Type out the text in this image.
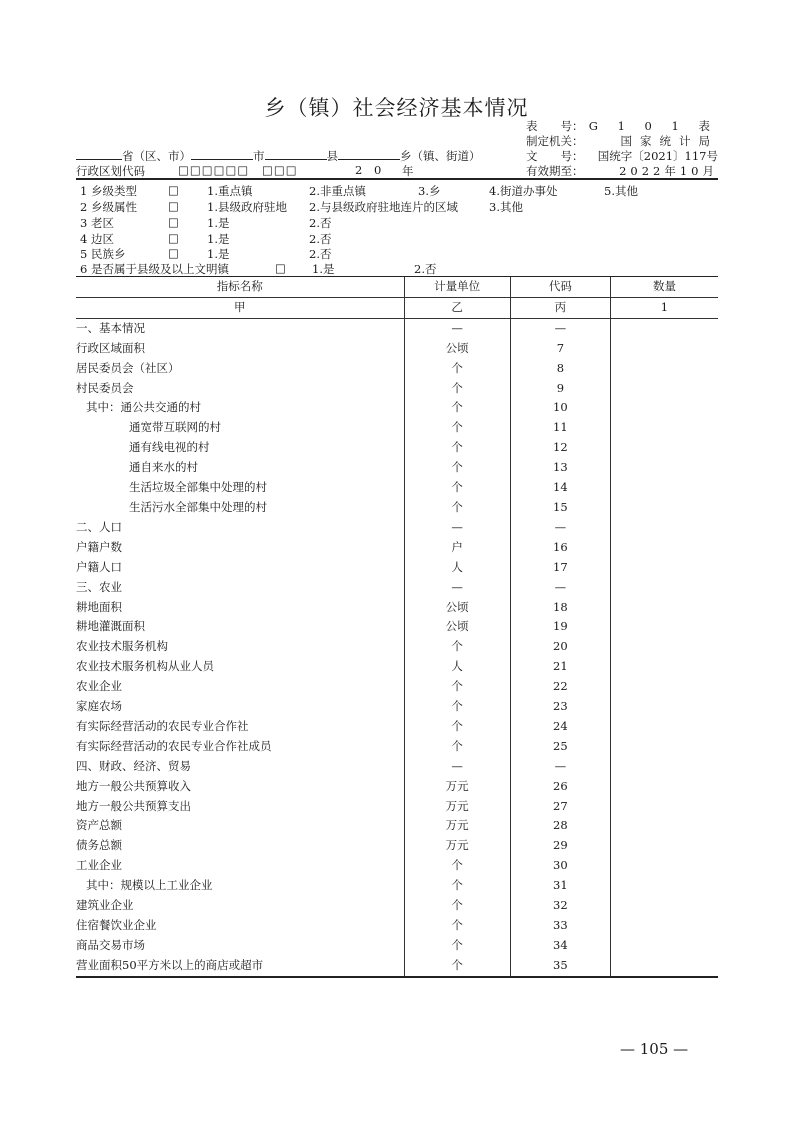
乡（镇）社会经济基本情况
表　　号： G 1 0 1 表
制定机关：	国家统计局
文　　号： 国统字〔2021〕117号
有效期至：	2022年10月
省（区、市）	市	县	乡（镇、街道）
行政区划代码	□□□□□□ □□□	2 0 年
1 乡级类型	□ 1.重点镇	2.非重点镇	3.乡	4.街道办事处	5.其他
2 乡级属性	□ 1.县级政府驻地 2.与县级政府驻地连片的区域	3.其他
3 老区	□ 1.是	2.否
4 边区	□ 1.是	2.否
5 民族乡	□ 1.是	2.否
6 是否属于县级及以上文明镇	□ 1.是	2.否
指标名称	计量单位	代码	数量
甲	乙	丙	1
一、基本情况	—	—	
行政区域面积	公顷	7	
居民委员会（社区）	个	8	
村民委员会	个	9	
其中：通公共交通的村	个	10	
通宽带互联网的村	个	11	
通有线电视的村	个	12	
通自来水的村	个	13	
生活垃圾全部集中处理的村	个	14	
生活污水全部集中处理的村	个	15	
二、人口	—	—	
户籍户数	户	16	
户籍人口	人	17	
三、农业	—	—	
耕地面积	公顷	18	
耕地灌溉面积	公顷	19	
农业技术服务机构	个	20	
农业技术服务机构从业人员	人	21	
农业企业	个	22	
家庭农场	个	23	
有实际经营活动的农民专业合作社	个	24	
有实际经营活动的农民专业合作社成员	个	25	
四、财政、经济、贸易	—	—	
地方一般公共预算收入	万元	26	
地方一般公共预算支出	万元	27	
资产总额	万元	28	
债务总额	万元	29	
工业企业	个	30	
其中：规模以上工业企业	个	31	
建筑业企业	个	32	
住宿餐饮业企业	个	33	
商品交易市场	个	34	
营业面积50平方米以上的商店或超市	个	35	
— 105 —
